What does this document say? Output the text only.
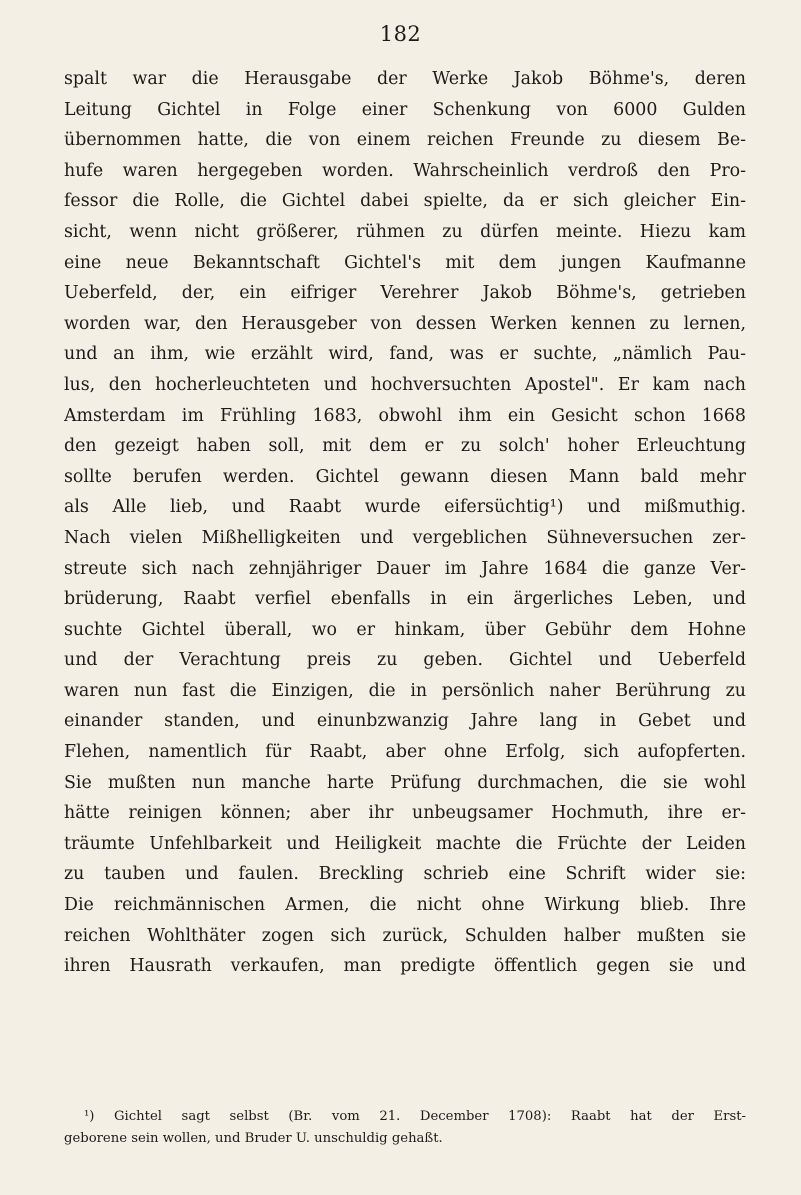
182
spalt war die Herausgabe der Werke Jakob Böhme's, deren
Leitung Gichtel in Folge einer Schenkung von 6000 Gulden
übernommen hatte, die von einem reichen Freunde zu diesem Be-
hufe waren hergegeben worden. Wahrscheinlich verdroß den Pro-
fessor die Rolle, die Gichtel dabei spielte, da er sich gleicher Ein-
sicht, wenn nicht größerer, rühmen zu dürfen meinte. Hiezu kam
eine neue Bekanntschaft Gichtel's mit dem jungen Kaufmanne
Ueberfeld, der, ein eifriger Verehrer Jakob Böhme's, getrieben
worden war, den Herausgeber von dessen Werken kennen zu lernen,
und an ihm, wie erzählt wird, fand, was er suchte, „nämlich Pau-
lus, den hocherleuchteten und hochversuchten Apostel". Er kam nach
Amsterdam im Frühling 1683, obwohl ihm ein Gesicht schon 1668
den gezeigt haben soll, mit dem er zu solch' hoher Erleuchtung
sollte berufen werden. Gichtel gewann diesen Mann bald mehr
als Alle lieb, und Raabt wurde eifersüchtig¹) und mißmuthig.
Nach vielen Mißhelligkeiten und vergeblichen Sühneversuchen zer-
streute sich nach zehnjähriger Dauer im Jahre 1684 die ganze Ver-
brüderung, Raabt verfiel ebenfalls in ein ärgerliches Leben, und
suchte Gichtel überall, wo er hinkam, über Gebühr dem Hohne
und der Verachtung preis zu geben. Gichtel und Ueberfeld
waren nun fast die Einzigen, die in persönlich naher Berührung zu
einander standen, und einunbzwanzig Jahre lang in Gebet und
Flehen, namentlich für Raabt, aber ohne Erfolg, sich aufopferten.
Sie mußten nun manche harte Prüfung durchmachen, die sie wohl
hätte reinigen können; aber ihr unbeugsamer Hochmuth, ihre er-
träumte Unfehlbarkeit und Heiligkeit machte die Früchte der Leiden
zu tauben und faulen. Breckling schrieb eine Schrift wider sie:
Die reichmännischen Armen, die nicht ohne Wirkung blieb. Ihre
reichen Wohlthäter zogen sich zurück, Schulden halber mußten sie
ihren Hausrath verkaufen, man predigte öffentlich gegen sie und
¹) Gichtel sagt selbst (Br. vom 21. December 1708): Raabt hat der Erst-
geborene sein wollen, und Bruder U. unschuldig gehaßt.
